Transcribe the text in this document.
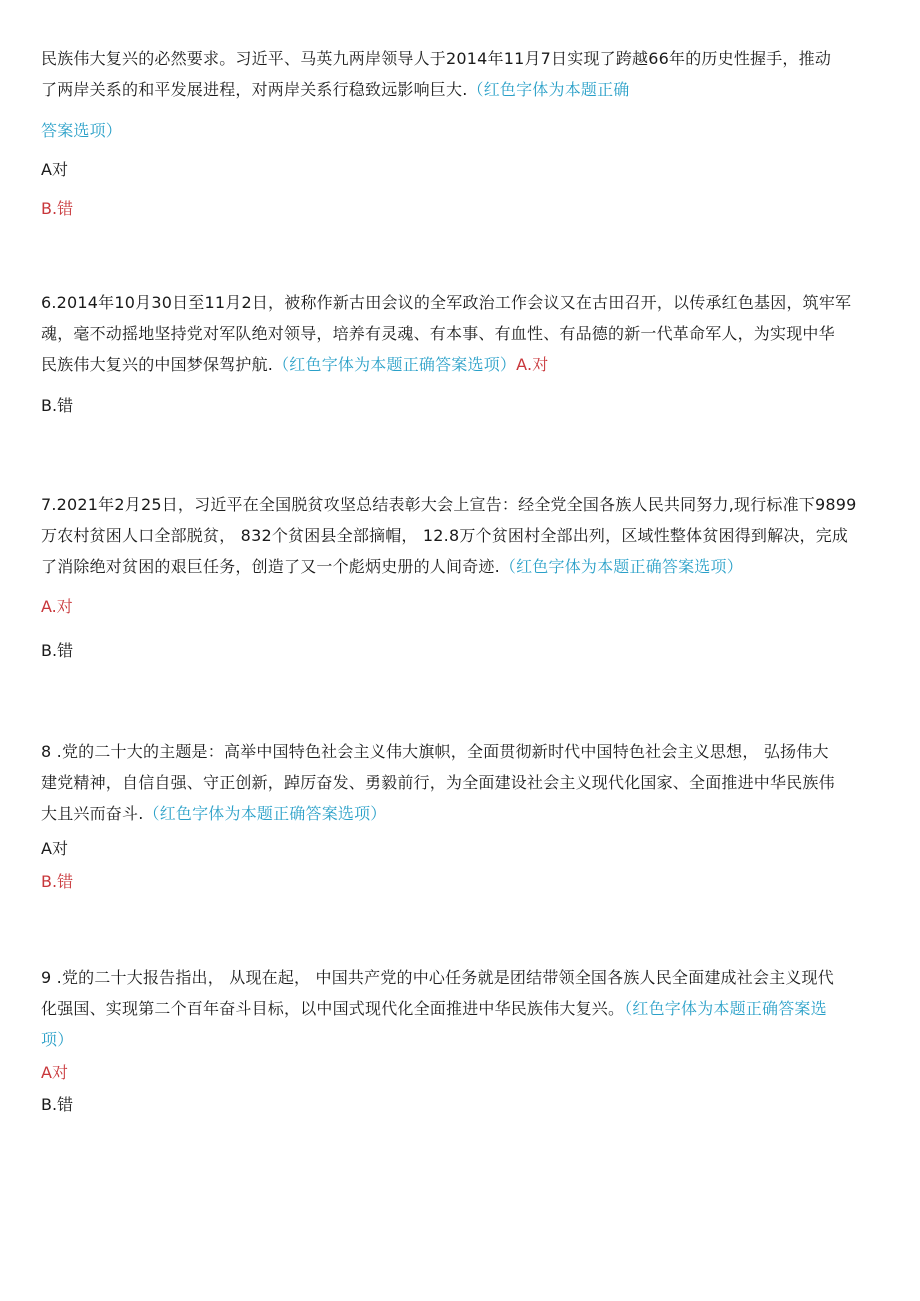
民族伟大复兴的必然要求。习近平、马英九两岸领导人于2014年11月7日实现了跨越66年的历史性握手，推动
了两岸关系的和平发展进程，对两岸关系行稳致远影响巨大.（红色字体为本题正确

答案选项）

A对

B.错

6.2014年10月30日至11月2日，被称作新古田会议的全军政治工作会议又在古田召开，以传承红色基因，筑牢军
魂，毫不动摇地坚持党对军队绝对领导，培养有灵魂、有本事、有血性、有品德的新一代革命军人，为实现中华
民族伟大复兴的中国梦保驾护航.（红色字体为本题正确答案选项）A.对

B.错

7.2021年2月25日，习近平在全国脱贫攻坚总结表彰大会上宣告：经全党全国各族人民共同努力,现行标准下9899
万农村贫困人口全部脱贫， 832个贫困县全部摘帽， 12.8万个贫困村全部出列，区域性整体贫困得到解决，完成
了消除绝对贫困的艰巨任务，创造了又一个彪炳史册的人间奇迹.（红色字体为本题正确答案选项）

A.对

B.错

8 .党的二十大的主题是：高举中国特色社会主义伟大旗帜，全面贯彻新时代中国特色社会主义思想， 弘扬伟大
建党精神，自信自强、守正创新，踔厉奋发、勇毅前行，为全面建设社会主义现代化国家、全面推进中华民族伟
大且兴而奋斗.（红色字体为本题正确答案选项）

A对

B.错

9 .党的二十大报告指出， 从现在起， 中国共产党的中心任务就是团结带领全国各族人民全面建成社会主义现代
化强国、实现第二个百年奋斗目标，以中国式现代化全面推进中华民族伟大复兴。（红色字体为本题正确答案选
项）

A对

B.错
